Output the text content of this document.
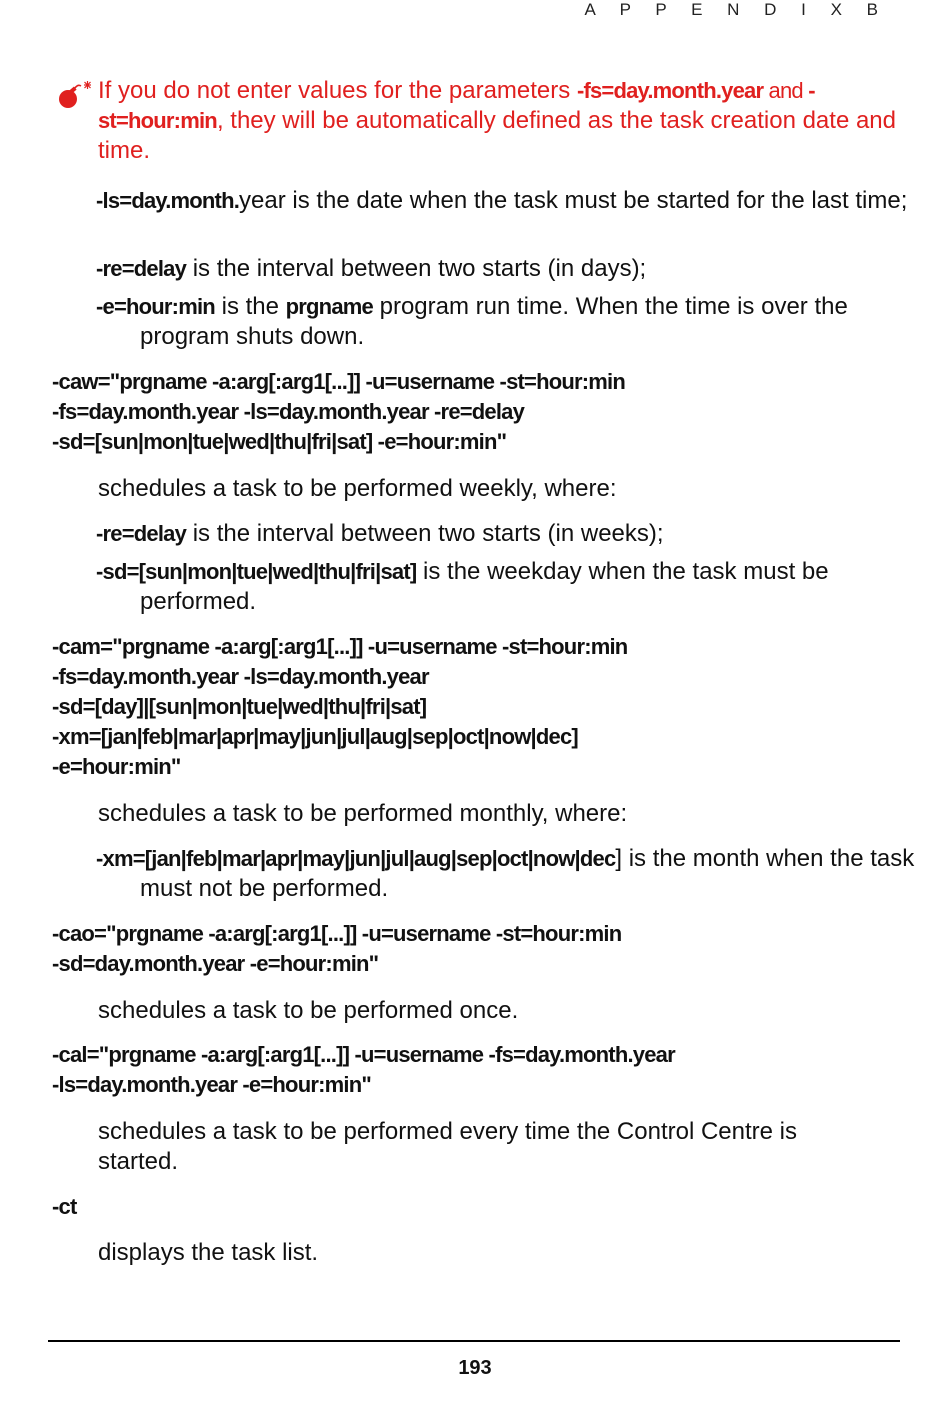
A P P E N D I X B
If you do not enter values for the parameters -fs=day.month.year and -
st=hour:min, they will be automatically defined as the task creation date and time.
-ls=day.month.year is the date when the task must be started for the last time;
-re=delay is the interval between two starts (in days);
-e=hour:min is the prgname program run time. When the time is over the program shuts down.
-caw="prgname -a:arg[:arg1[...]] -u=username -st=hour:min
-fs=day.month.year -ls=day.month.year -re=delay
-sd=[sun|mon|tue|wed|thu|fri|sat] -e=hour:min"
schedules a task to be performed weekly, where:
-re=delay is the interval between two starts (in weeks);
-sd=[sun|mon|tue|wed|thu|fri|sat] is the weekday when the task must be performed.
-cam="prgname -a:arg[:arg1[...]] -u=username -st=hour:min
-fs=day.month.year -ls=day.month.year
-sd=[day]|[sun|mon|tue|wed|thu|fri|sat]
-xm=[jan|feb|mar|apr|may|jun|jul|aug|sep|oct|now|dec]
-e=hour:min"
schedules a task to be performed monthly, where:
-xm=[jan|feb|mar|apr|may|jun|jul|aug|sep|oct|now|dec] is the month when the task must not be performed.
-cao="prgname -a:arg[:arg1[...]] -u=username -st=hour:min
-sd=day.month.year -e=hour:min"
schedules a task to be performed once.
-cal="prgname -a:arg[:arg1[...]] -u=username -fs=day.month.year
-ls=day.month.year -e=hour:min"
schedules a task to be performed every time the Control Centre is started.
-ct
displays the task list.
193
